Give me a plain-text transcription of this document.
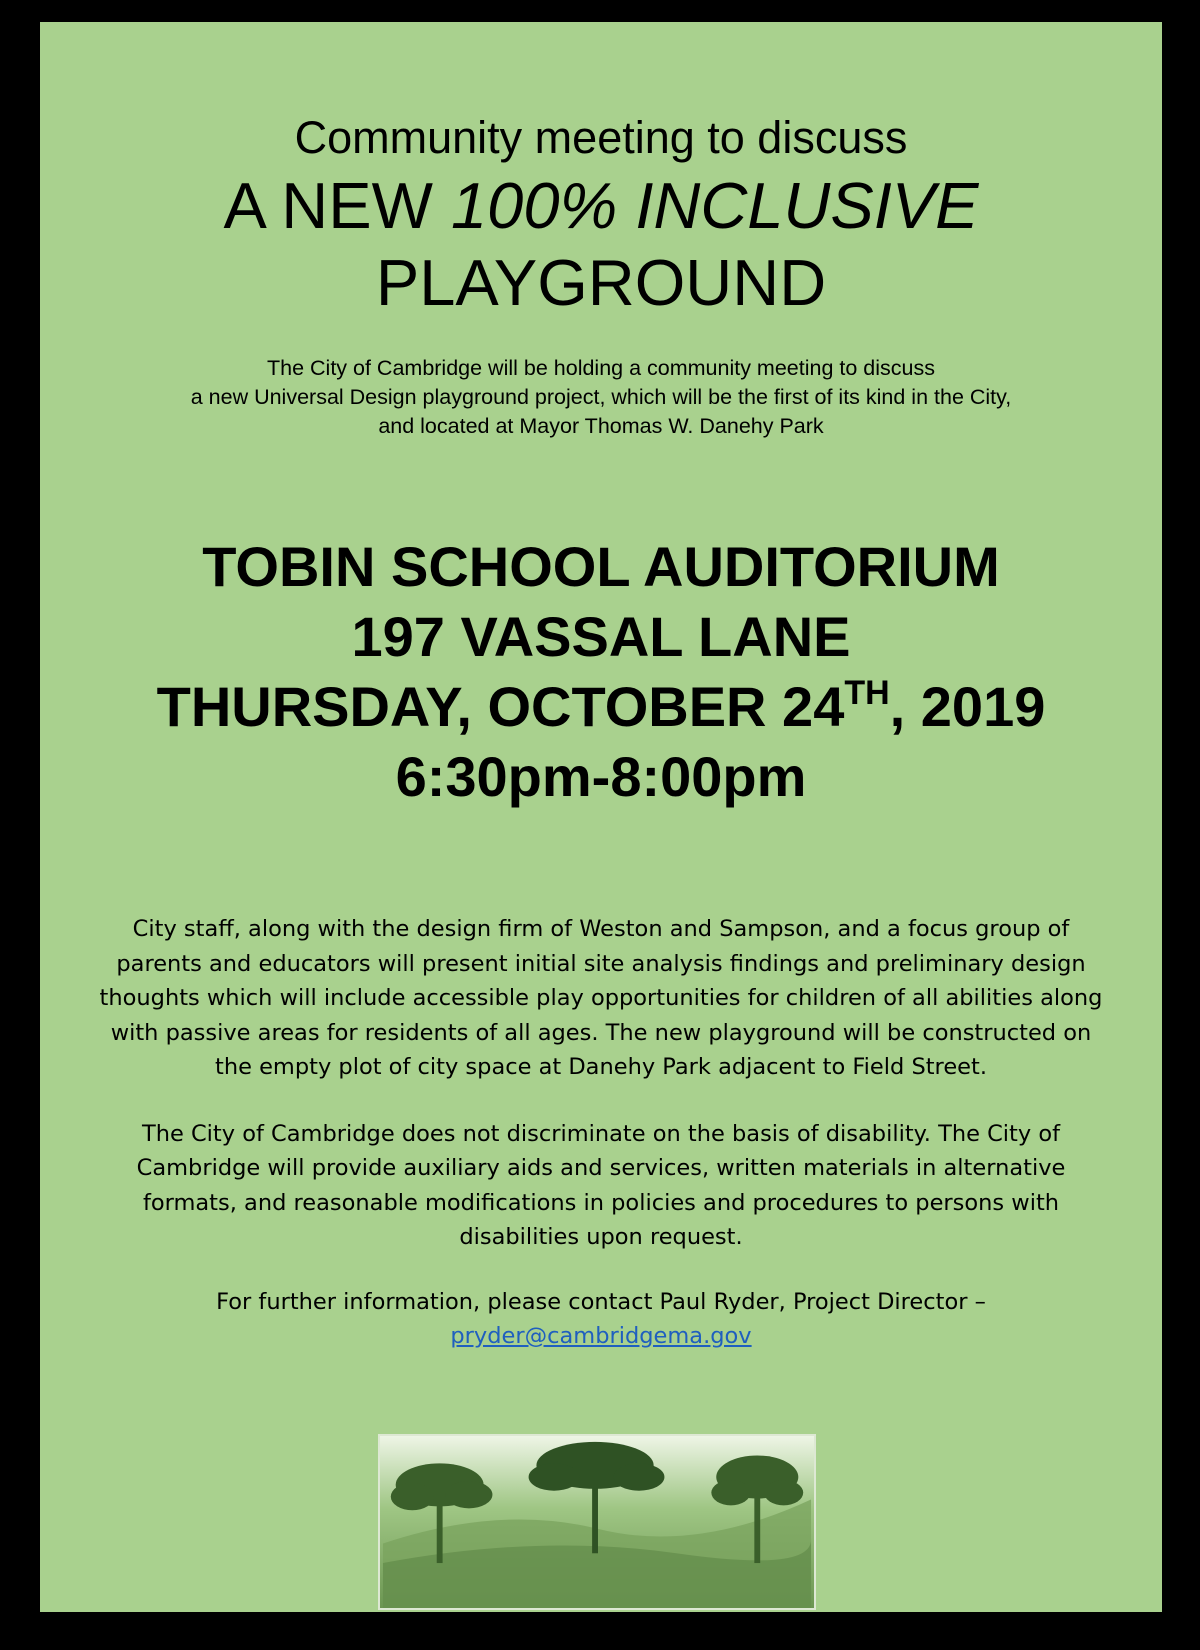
Community meeting to discuss
A NEW 100% INCLUSIVE
PLAYGROUND
The City of Cambridge will be holding a community meeting to discuss
a new Universal Design playground project, which will be the first of its kind in the City,
and located at Mayor Thomas W. Danehy Park
TOBIN SCHOOL AUDITORIUM
197 VASSAL LANE
THURSDAY, OCTOBER 24TH, 2019
6:30pm-8:00pm

City staff, along with the design firm of Weston and Sampson, and a focus group of parents and educators will present initial site analysis findings and preliminary design thoughts which will include accessible play opportunities for children of all abilities along with passive areas for residents of all ages. The new playground will be constructed on the empty plot of city space at Danehy Park adjacent to Field Street.

The City of Cambridge does not discriminate on the basis of disability. The City of Cambridge will provide auxiliary aids and services, written materials in alternative formats, and reasonable modifications in policies and procedures to persons with disabilities upon request.

For further information, please contact Paul Ryder, Project Director –
pryder@cambridgema.gov
